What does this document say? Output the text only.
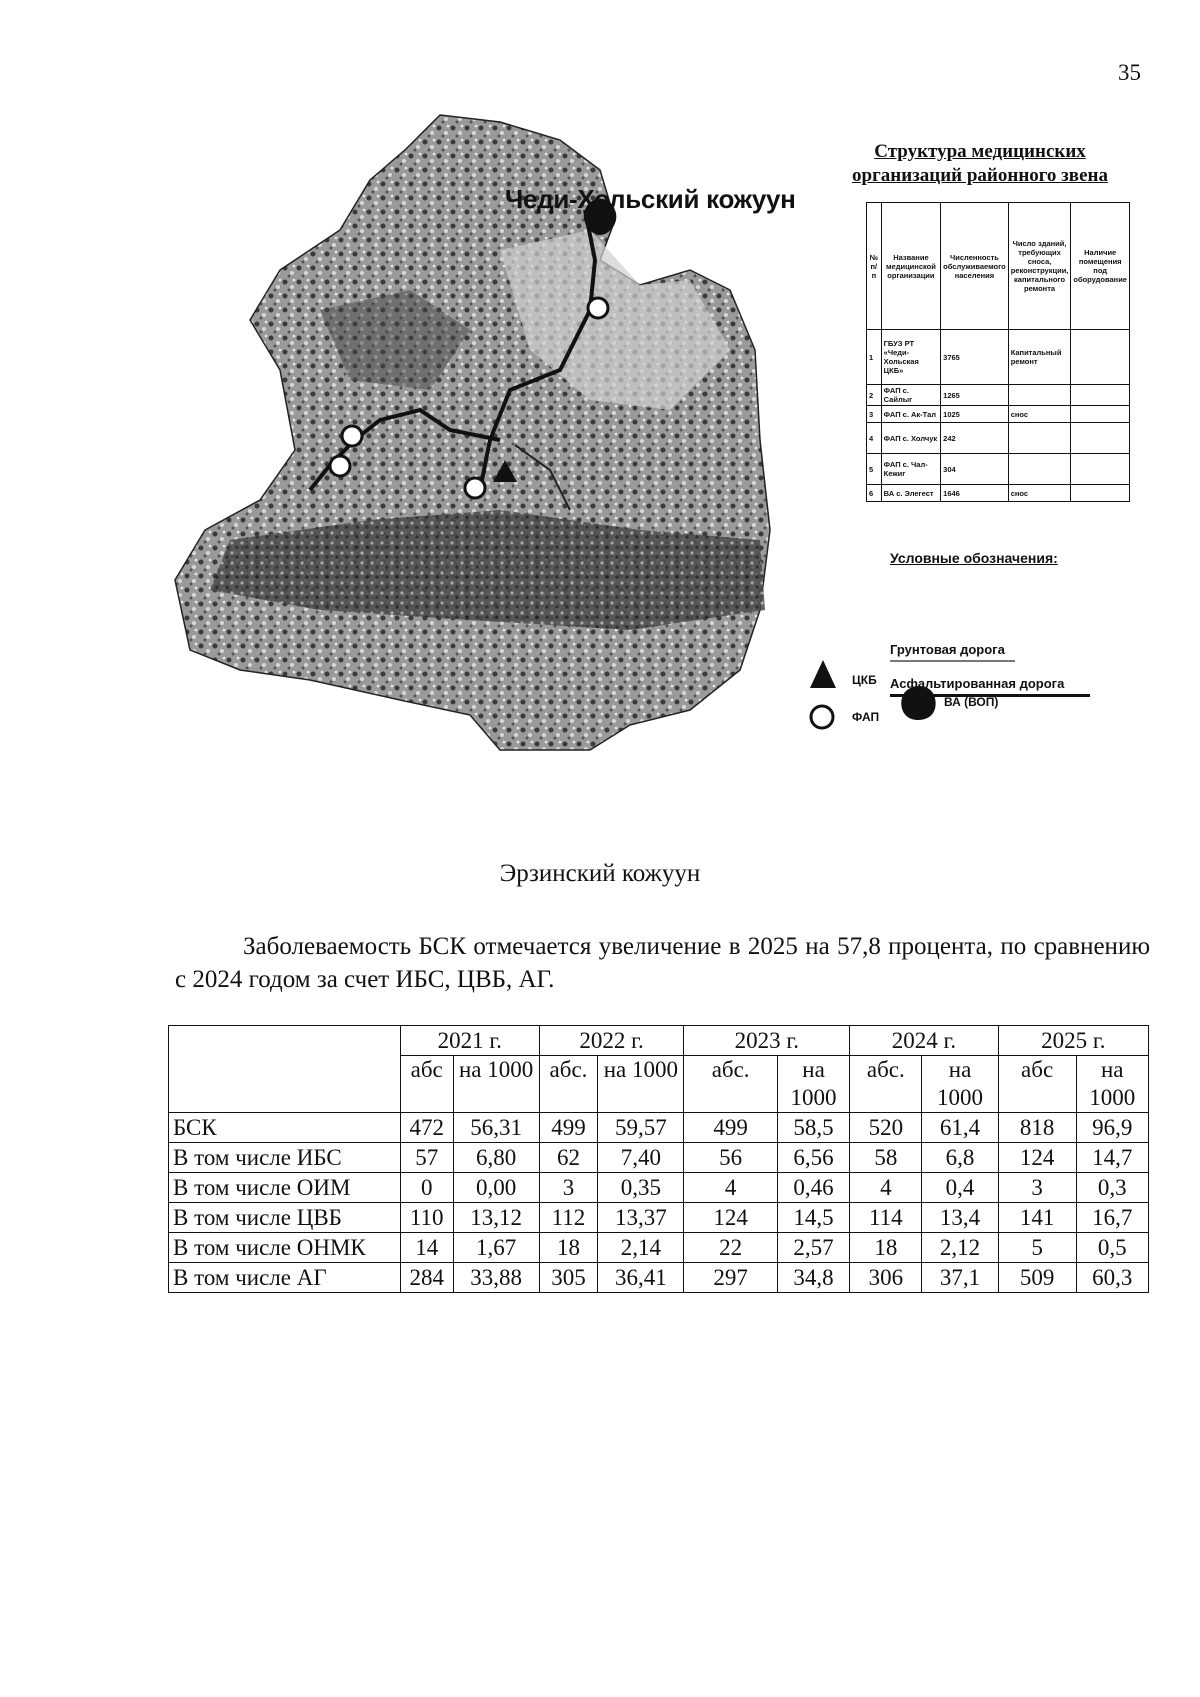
35
Чеди-Хольский кожуун
Структура медицинских организаций районного звена
№ п/п	Название медицинской организации	Численность обслуживаемого населения	Число зданий, требующих сноса, реконструкции, капитального ремонта	Наличие помещения под оборудование
1	ГБУЗ РТ «Чеди-Хольская ЦКБ»	3765	Капитальный ремонт	
2	ФАП с. Сайлыг	1265		
3	ФАП с. Ак-Тал	1025	снос	
4	ФАП с. Холчук	242		
5	ФАП с. Чал-Кежиг	304		
6	ВА с. Элегест	1646	снос	
Условные обозначения:
Грунтовая дорога
Асфальтированная дорога
ЦКБ
ФАП
ВА (ВОП)
Эрзинский кожуун

Заболеваемость БСК отмечается увеличение в 2025 на 57,8 процента, по сравнению с 2024 годом за счет ИБС, ЦВБ, АГ.

	2021 г.		2022 г.		2023 г.		2024 г.		2025 г.	
	абс	на 1000	абс.	на 1000	абс.	на 1000	абс.	на 1000	абс	на 1000
БСК	472	56,31	499	59,57	499	58,5	520	61,4	818	96,9
В том числе ИБС	57	6,80	62	7,40	56	6,56	58	6,8	124	14,7
В том числе ОИМ	0	0,00	3	0,35	4	0,46	4	0,4	3	0,3
В том числе ЦВБ	110	13,12	112	13,37	124	14,5	114	13,4	141	16,7
В том числе ОНМК	14	1,67	18	2,14	22	2,57	18	2,12	5	0,5
В том числе АГ	284	33,88	305	36,41	297	34,8	306	37,1	509	60,3
